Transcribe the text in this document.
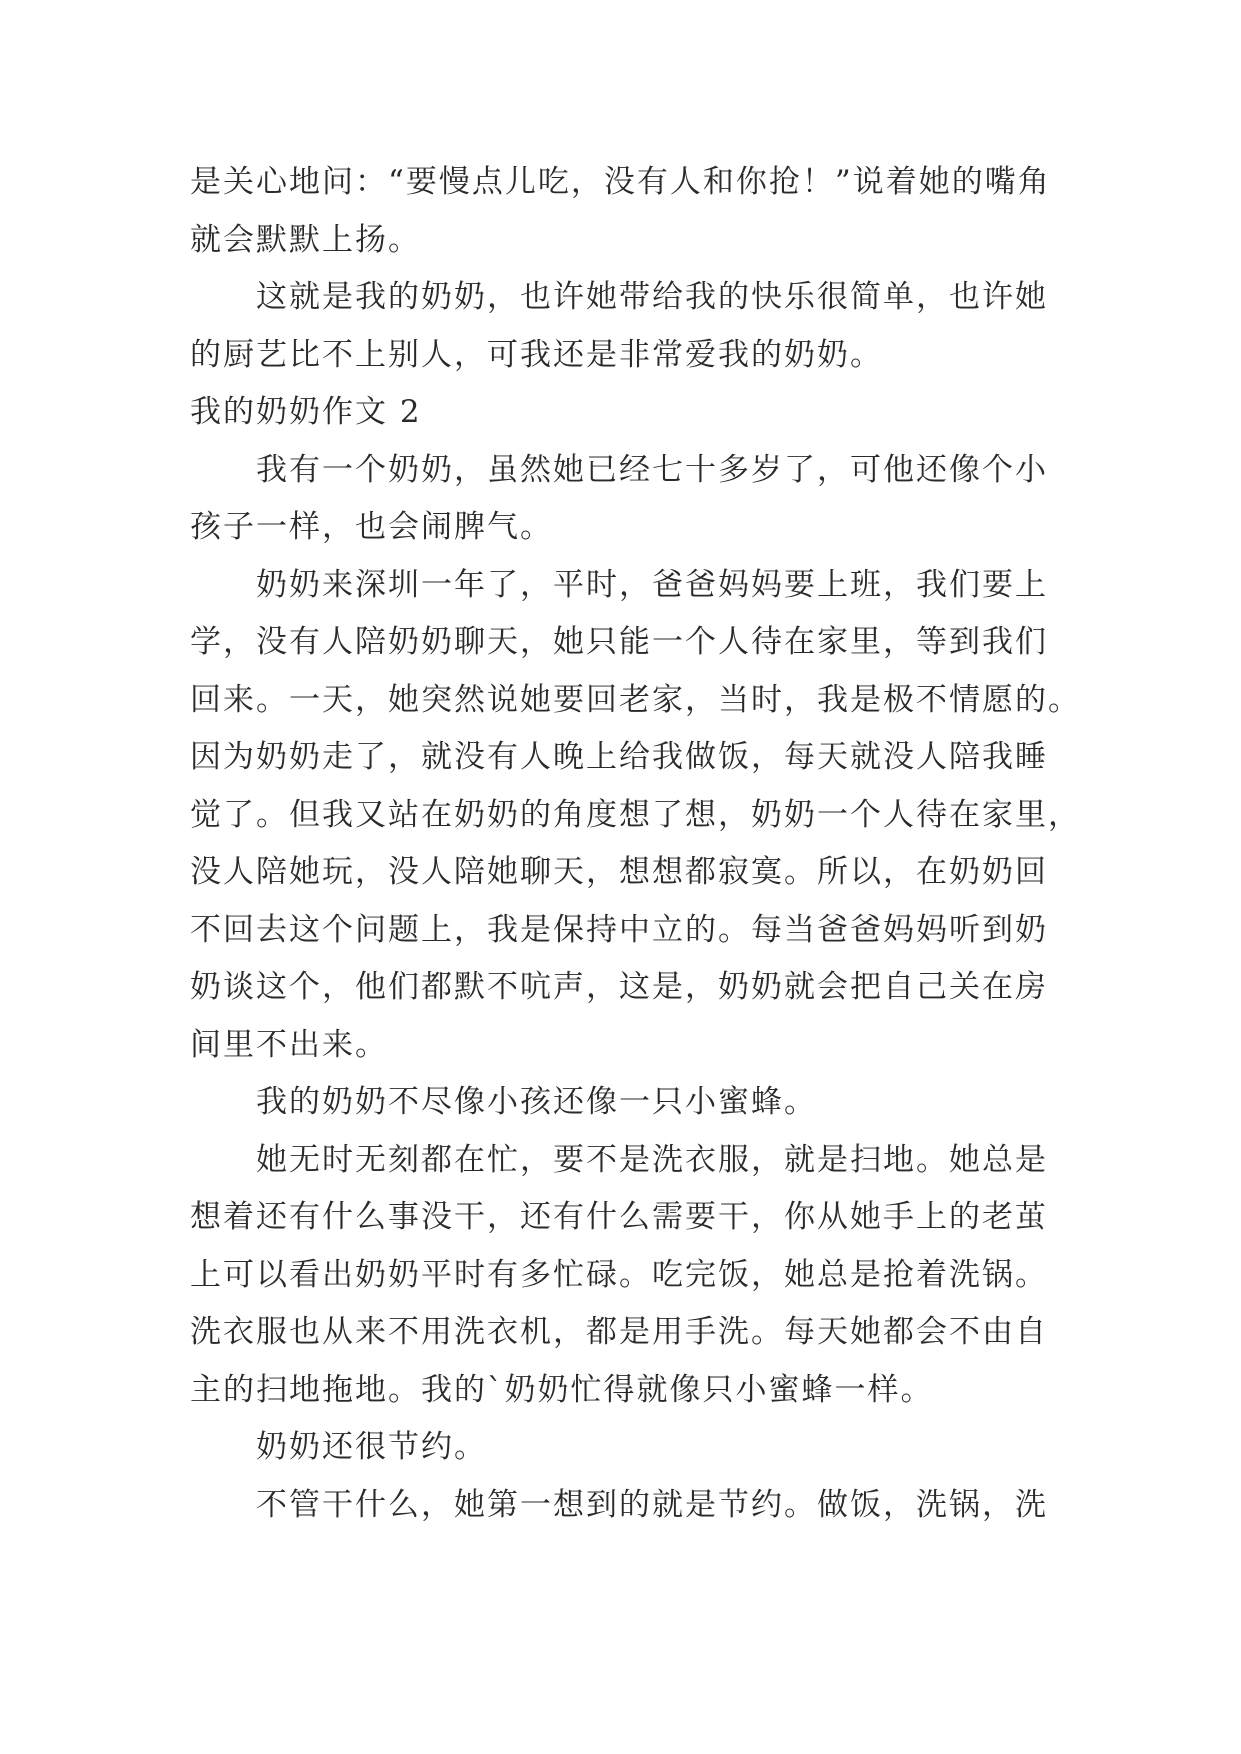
是关心地问：“要慢点儿吃，没有人和你抢！”说着她的嘴角
就会默默上扬。
这就是我的奶奶，也许她带给我的快乐很简单，也许她
的厨艺比不上别人，可我还是非常爱我的奶奶。
我的奶奶作文 2
我有一个奶奶，虽然她已经七十多岁了，可他还像个小
孩子一样，也会闹脾气。
奶奶来深圳一年了，平时，爸爸妈妈要上班，我们要上
学，没有人陪奶奶聊天，她只能一个人待在家里，等到我们
回来。一天，她突然说她要回老家，当时，我是极不情愿的。
因为奶奶走了，就没有人晚上给我做饭，每天就没人陪我睡
觉了。但我又站在奶奶的角度想了想，奶奶一个人待在家里，
没人陪她玩，没人陪她聊天，想想都寂寞。所以，在奶奶回
不回去这个问题上，我是保持中立的。每当爸爸妈妈听到奶
奶谈这个，他们都默不吭声，这是，奶奶就会把自己关在房
间里不出来。
我的奶奶不尽像小孩还像一只小蜜蜂。
她无时无刻都在忙，要不是洗衣服，就是扫地。她总是
想着还有什么事没干，还有什么需要干，你从她手上的老茧
上可以看出奶奶平时有多忙碌。吃完饭，她总是抢着洗锅。
洗衣服也从来不用洗衣机，都是用手洗。每天她都会不由自
主的扫地拖地。我的`奶奶忙得就像只小蜜蜂一样。
奶奶还很节约。
不管干什么，她第一想到的就是节约。做饭，洗锅，洗
